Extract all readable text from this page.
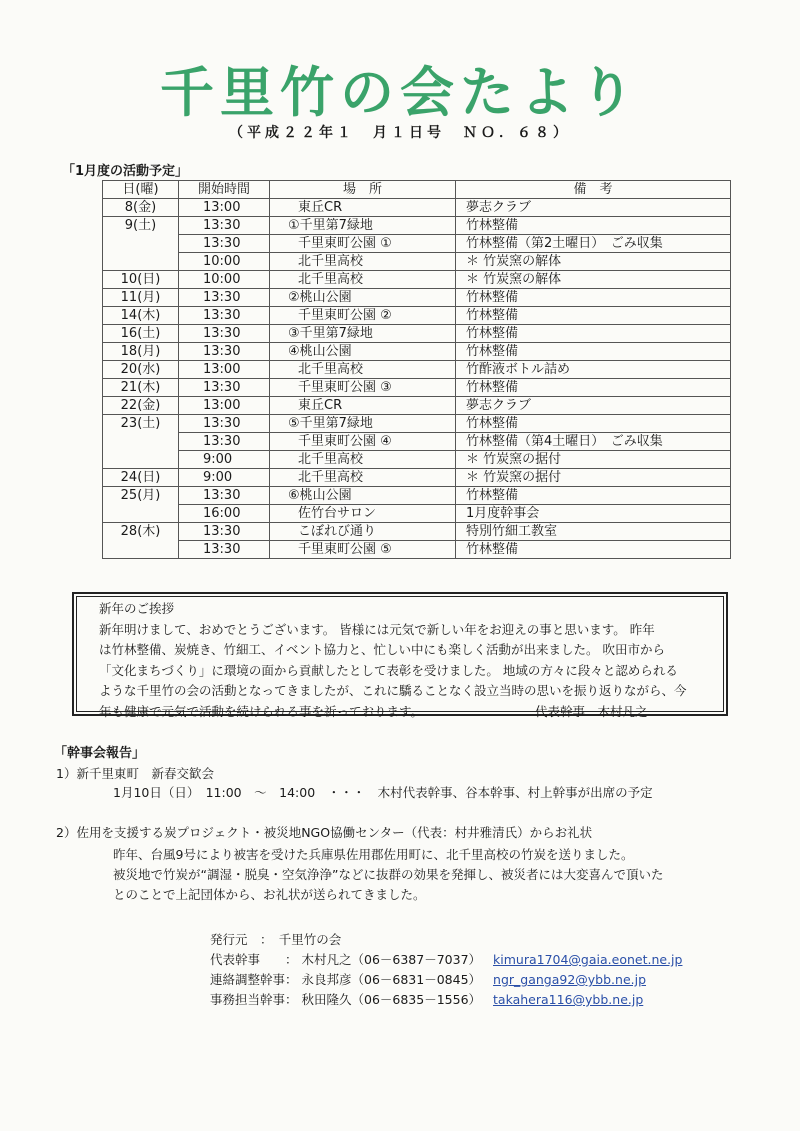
千里竹の会たより
（平成２２年１　月１日号　ＮＯ．６８）
「1月度の活動予定」
日(曜)	開始時間	場　所	備　考
8(金)	13:00	東丘CR	夢志クラブ
✕ 9(土)	13:30	①千里第7緑地	竹林整備
	13:30	千里東町公園 ①	竹林整備（第2土曜日）　ごみ収集
	10:00	北千里高校	＊ 竹炭窯の解体
10(日)	10:00	北千里高校	＊ 竹炭窯の解体
11(月)	13:30	②桃山公園	竹林整備
14(木)	13:30	千里東町公園 ②	竹林整備
16(土)	13:30	③千里第7緑地	竹林整備
18(月)	13:30	④桃山公園	竹林整備
20(水)	13:00	北千里高校	竹酢液ボトル詰め
21(木)	13:30	千里東町公園 ③	竹林整備
22(金)	13:00	東丘CR	夢志クラブ
○ 23(土)	13:30	⑤千里第7緑地	竹林整備
	13:30	千里東町公園 ④	竹林整備（第4土曜日）　ごみ収集
	9:00	北千里高校	＊ 竹炭窯の据付
○ 24(日)	9:00	北千里高校	＊ 竹炭窯の据付
25(月)	13:30	⑥桃山公園	竹林整備
	16:00	佐竹台サロン	1月度幹事会
28(木)	13:30	こぼれび通り	特別竹細工教室
	13:30	千里東町公園 ⑤	竹林整備
新年のご挨拶
新年明けまして、おめでとうございます。 皆様には元気で新しい年をお迎えの事と思います。 昨年
は竹林整備、炭焼き、竹細工、イベント協力と、忙しい中にも楽しく活動が出来ました。 吹田市から
「文化まちづくり」に環境の面から貢献したとして表彰を受けました。 地域の方々に段々と認められる
ような千里竹の会の活動となってきましたが、これに驕ることなく設立当時の思いを振り返りながら、今
年も健康で元気で活動を続けられる事を祈っております。	代表幹事　木村凡之
「幹事会報告」
1）新千里東町　新春交歓会
1月10日（日）　11:00　～　14:00　・・・　木村代表幹事、谷本幹事、村上幹事が出席の予定
2）佐用を支援する炭プロジェクト・被災地NGO協働センター（代表：村井雅清氏）からお礼状
昨年、台風9号により被害を受けた兵庫県佐用郡佐用町に、北千里高校の竹炭を送りました。
被災地で竹炭が“調湿・脱臭・空気浄浄”などに抜群の効果を発揮し、被災者には大変喜んで頂いた
とのことで上記団体から、お礼状が送られてきました。
発行元　：　千里竹の会
代表幹事　　： 木村凡之（06－6387－7037） kimura1704@gaia.eonet.ne.jp
連絡調整幹事： 永良邦彦（06－6831－0845） ngr_ganga92@ybb.ne.jp
事務担当幹事： 秋田隆久（06－6835－1556） takahera116@ybb.ne.jp
